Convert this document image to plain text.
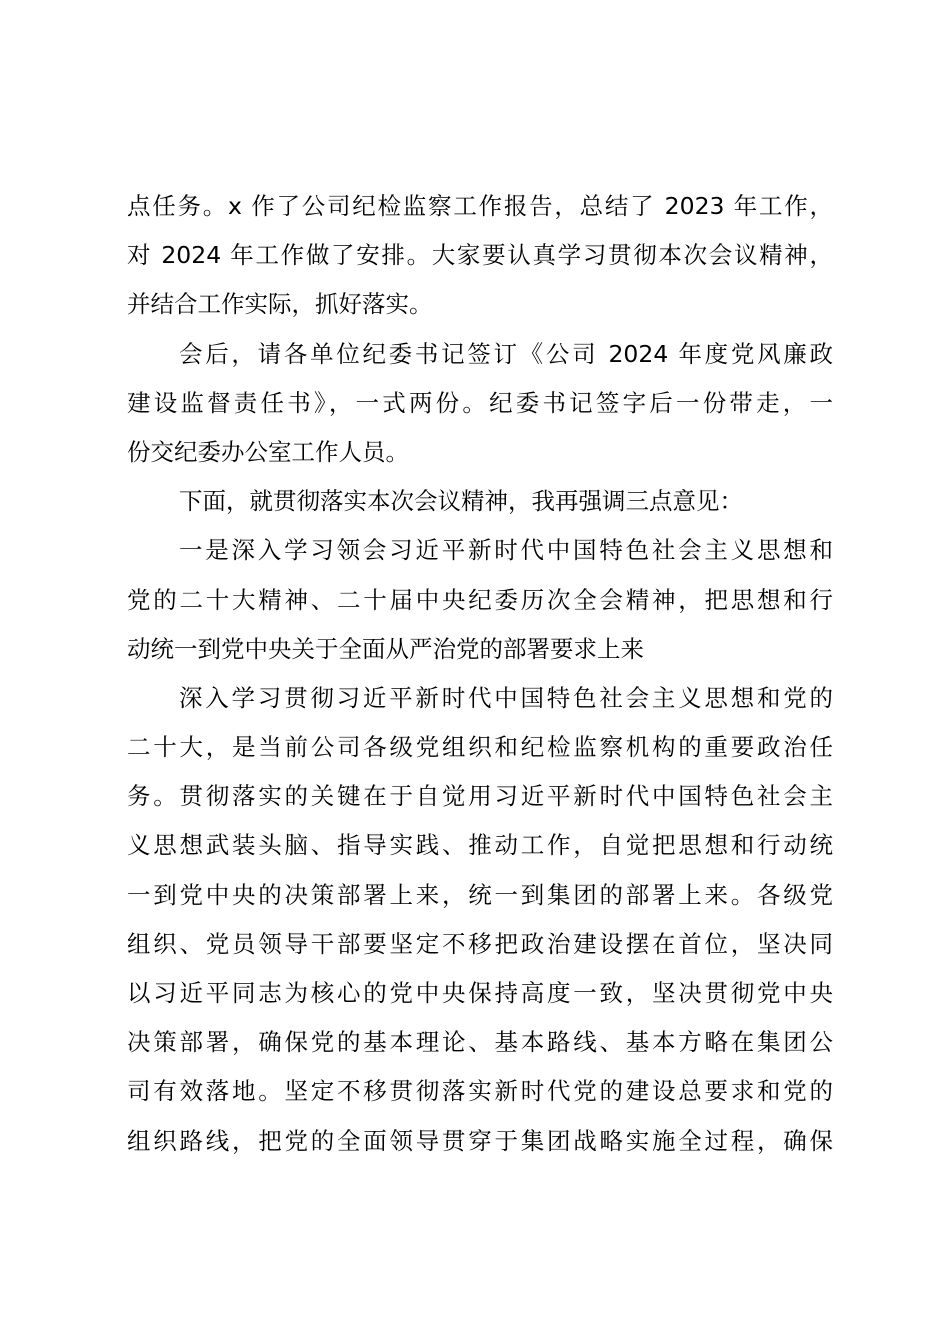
点任务。x 作了公司纪检监察工作报告，总结了 2023 年工作，
对 2024 年工作做了安排。大家要认真学习贯彻本次会议精神，
并结合工作实际，抓好落实。
会后，请各单位纪委书记签订《公司 2024 年度党风廉政
建设监督责任书》，一式两份。纪委书记签字后一份带走，一
份交纪委办公室工作人员。
下面，就贯彻落实本次会议精神，我再强调三点意见：
一是深入学习领会习近平新时代中国特色社会主义思想和
党的二十大精神、二十届中央纪委历次全会精神，把思想和行
动统一到党中央关于全面从严治党的部署要求上来
深入学习贯彻习近平新时代中国特色社会主义思想和党的
二十大，是当前公司各级党组织和纪检监察机构的重要政治任
务。贯彻落实的关键在于自觉用习近平新时代中国特色社会主
义思想武装头脑、指导实践、推动工作，自觉把思想和行动统
一到党中央的决策部署上来，统一到集团的部署上来。各级党
组织、党员领导干部要坚定不移把政治建设摆在首位，坚决同
以习近平同志为核心的党中央保持高度一致，坚决贯彻党中央
决策部署，确保党的基本理论、基本路线、基本方略在集团公
司有效落地。坚定不移贯彻落实新时代党的建设总要求和党的
组织路线，把党的全面领导贯穿于集团战略实施全过程，确保
